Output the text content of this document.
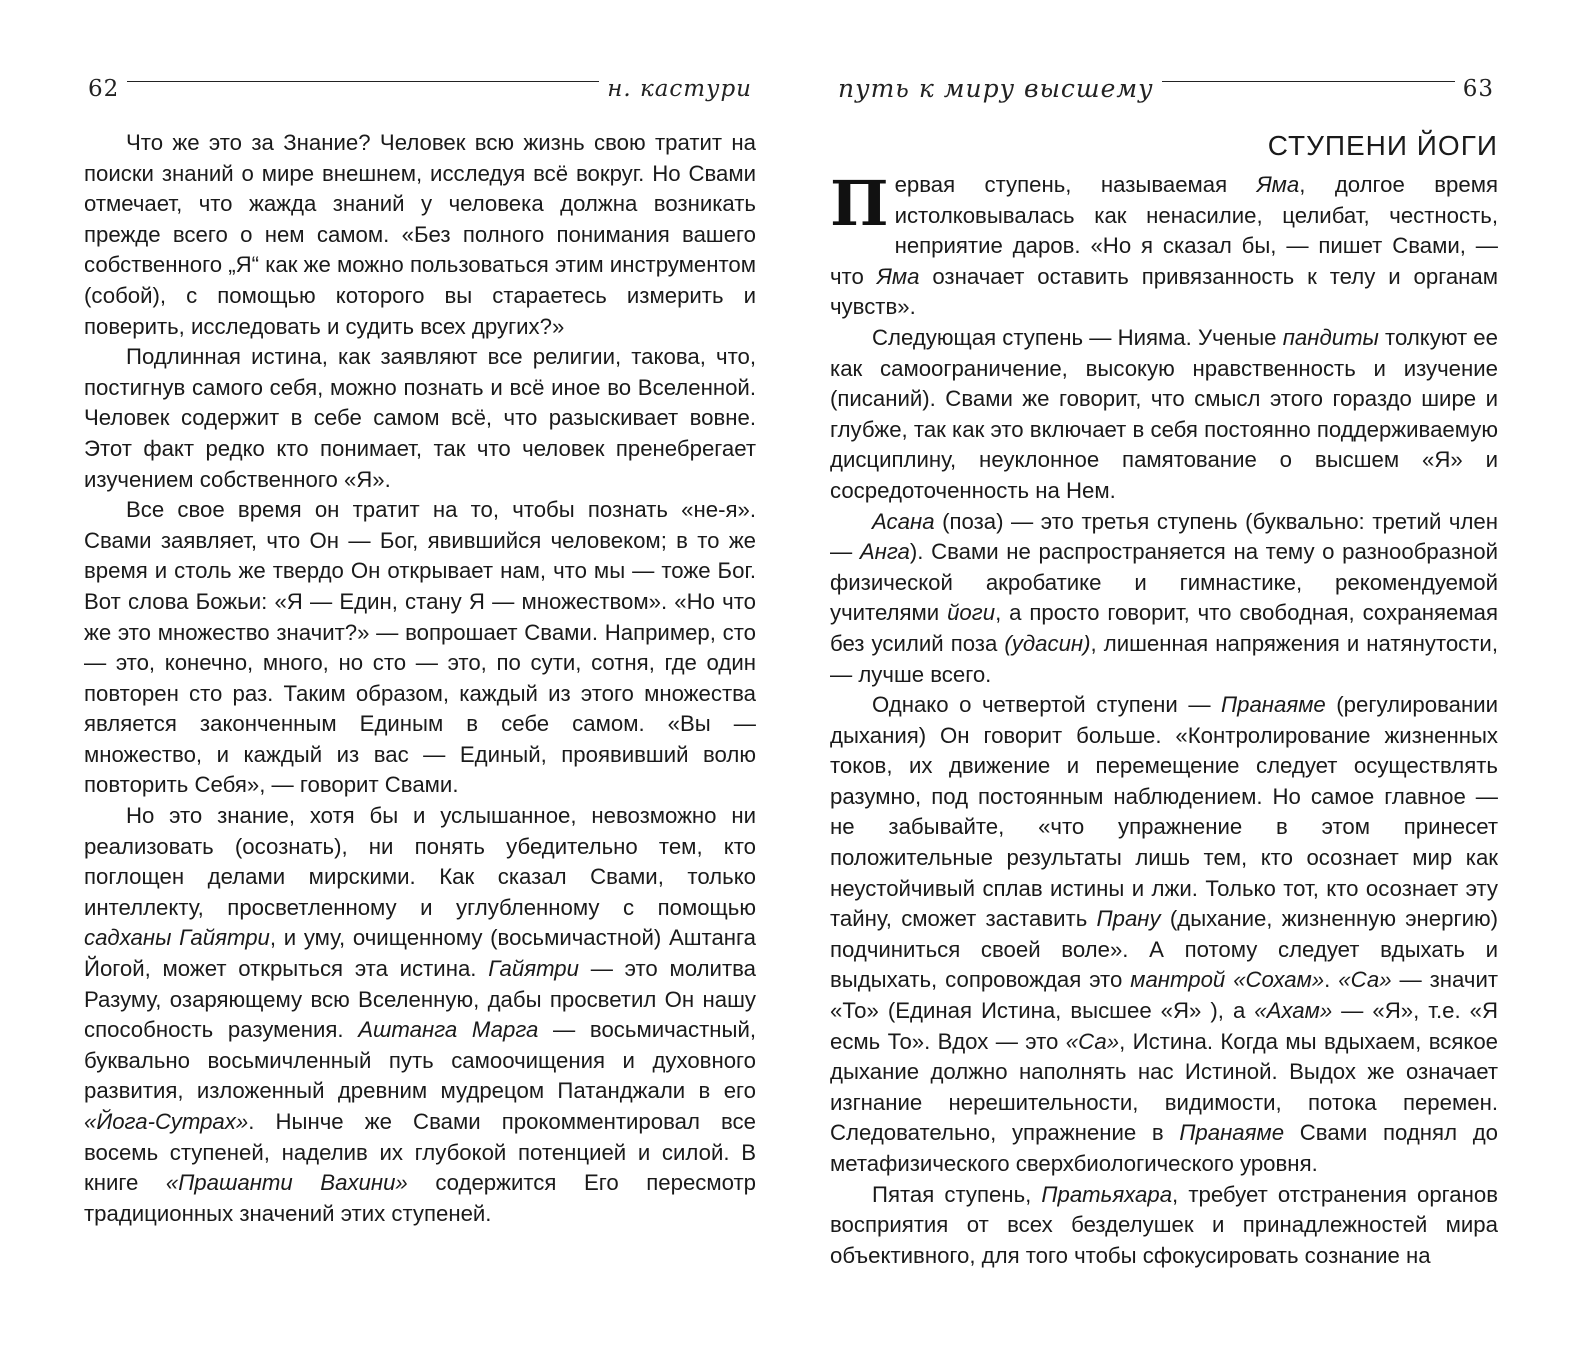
62	н. кастури

Что же это за Знание? Человек всю жизнь свою тратит на поиски знаний о мире внешнем, исследуя всё вокруг. Но Свами отмечает, что жажда знаний у человека должна возникать прежде всего о нем самом. «Без полного понимания вашего собственного „Я“ как же можно пользоваться этим инструментом (собой), с помощью которого вы стараетесь измерить и поверить, исследовать и судить всех других?»

Подлинная истина, как заявляют все религии, такова, что, постигнув самого себя, можно познать и всё иное во Вселенной. Человек содержит в себе самом всё, что разыскивает вовне. Этот факт редко кто понимает, так что человек пренебрегает изучением собственного «Я».

Все свое время он тратит на то, чтобы познать «не-я». Свами заявляет, что Он — Бог, явившийся человеком; в то же время и столь же твердо Он открывает нам, что мы — тоже Бог. Вот слова Божьи: «Я — Един, стану Я — множеством». «Но что же это множество значит?» — вопрошает Свами. Например, сто — это, конечно, много, но сто — это, по сути, сотня, где один повторен сто раз. Таким образом, каждый из этого множества является законченным Единым в себе самом. «Вы — множество, и каждый из вас — Единый, проявивший волю повторить Себя», — говорит Свами.

Но это знание, хотя бы и услышанное, невозможно ни реализовать (осознать), ни понять убедительно тем, кто поглощен делами мирскими. Как сказал Свами, только интеллекту, просветленному и углубленному с помощью садханы Гайятри, и уму, очищенному (восьмичастной) Аштанга Йогой, может открыться эта истина. Гайятри — это молитва Разуму, озаряющему всю Вселенную, дабы просветил Он нашу способность разумения. Аштанга Марга — восьмичастный, буквально восьмичленный путь самоочищения и духовного развития, изложенный древним мудрецом Патанджали в его «Йога-Сутрах». Нынче же Свами прокомментировал все восемь ступеней, наделив их глубокой потенцией и силой. В книге «Прашанти Вахини» содержится Его пересмотр традиционных значений этих ступеней.

путь к миру высшему	63
СТУПЕНИ ЙОГИ

Первая ступень, называемая Яма, долгое время истолковывалась как ненасилие, целибат, честность, неприятие даров. «Но я сказал бы, — пишет Свами, — что Яма означает оставить привязанность к телу и органам чувств».

Следующая ступень — Нияма. Ученые пандиты толкуют ее как самоограничение, высокую нравственность и изучение (писаний). Свами же говорит, что смысл этого гораздо шире и глубже, так как это включает в себя постоянно поддерживаемую дисциплину, неуклонное памятование о высшем «Я» и сосредоточенность на Нем.

Асана (поза) — это третья ступень (буквально: третий член — Анга). Свами не распространяется на тему о разнообразной физической акробатике и гимнастике, рекомендуемой учителями йоги, а просто говорит, что свободная, сохраняемая без усилий поза (удасин), лишенная напряжения и натянутости, — лучше всего.

Однако о четвертой ступени — Пранаяме (регулировании дыхания) Он говорит больше. «Контролирование жизненных токов, их движение и перемещение следует осуществлять разумно, под постоянным наблюдением. Но самое главное — не забывайте, «что упражнение в этом принесет положительные результаты лишь тем, кто осознает мир как неустойчивый сплав истины и лжи. Только тот, кто осознает эту тайну, сможет заставить Прану (дыхание, жизненную энергию) подчиниться своей воле». А потому следует вдыхать и выдыхать, сопровождая это мантрой «Сохам». «Са» — значит «То» (Единая Истина, высшее «Я» ), а «Ахам» — «Я», т.е. «Я есмь То». Вдох — это «Са», Истина. Когда мы вдыхаем, всякое дыхание должно наполнять нас Истиной. Выдох же означает изгнание нерешительности, видимости, потока перемен. Следовательно, упражнение в Пранаяме Свами поднял до метафизического сверхбиологического уровня.

Пятая ступень, Пратьяхара, требует отстранения органов восприятия от всех безделушек и принадлежностей мира объективного, для того чтобы сфокусировать сознание на
